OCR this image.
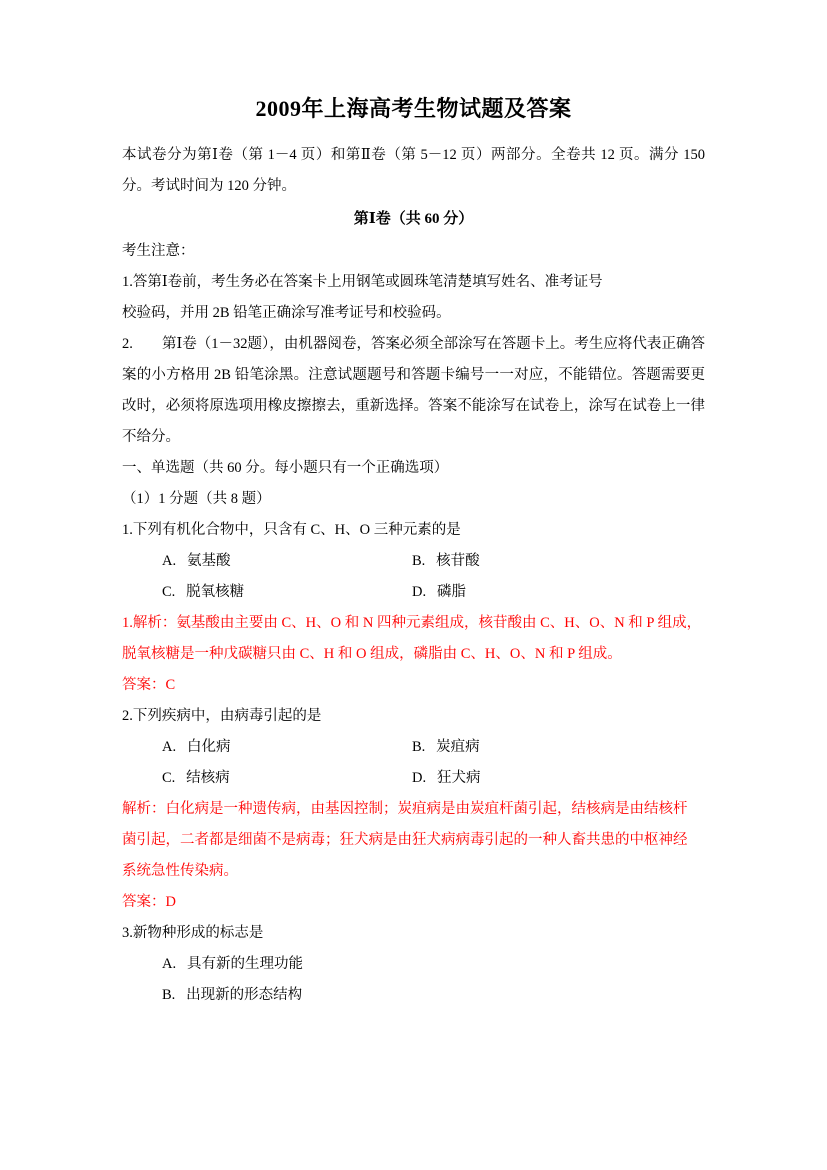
2009年上海高考生物试题及答案

本试卷分为第Ⅰ卷（第 1－4 页）和第Ⅱ卷（第 5－12 页）两部分。全卷共 12 页。满分 150 分。考试时间为 120 分钟。

第Ⅰ卷（共 60 分）

考生注意：

1.答第Ⅰ卷前，考生务必在答案卡上用钢笔或圆珠笔清楚填写姓名、准考证号

校验码，并用 2B 铅笔正确涂写准考证号和校验码。

2.　　第Ⅰ卷（1－32题），由机器阅卷，答案必须全部涂写在答题卡上。考生应将代表正确答案的小方格用 2B 铅笔涂黑。注意试题题号和答题卡编号一一对应，不能错位。答题需要更改时，必须将原选项用橡皮擦擦去，重新选择。答案不能涂写在试卷上，涂写在试卷上一律不给分。

一、单选题（共 60 分。每小题只有一个正确选项）

（1）1 分题（共 8 题）

1.下列有机化合物中，只含有 C、H、O 三种元素的是

A. 氨基酸	B. 核苷酸
C. 脱氧核糖	D. 磷脂

1.解析：氨基酸由主要由 C、H、O 和 N 四种元素组成，核苷酸由 C、H、O、N 和 P 组成，

脱氧核糖是一种戊碳糖只由 C、H 和 O 组成，磷脂由 C、H、O、N 和 P 组成。

答案：C

2.下列疾病中，由病毒引起的是

A. 白化病	B. 炭疽病
C. 结核病	D. 狂犬病

解析：白化病是一种遗传病，由基因控制；炭疽病是由炭疽杆菌引起，结核病是由结核杆

菌引起，二者都是细菌不是病毒；狂犬病是由狂犬病病毒引起的一种人畜共患的中枢神经

系统急性传染病。

答案：D

3.新物种形成的标志是

A. 具有新的生理功能
B. 出现新的形态结构
